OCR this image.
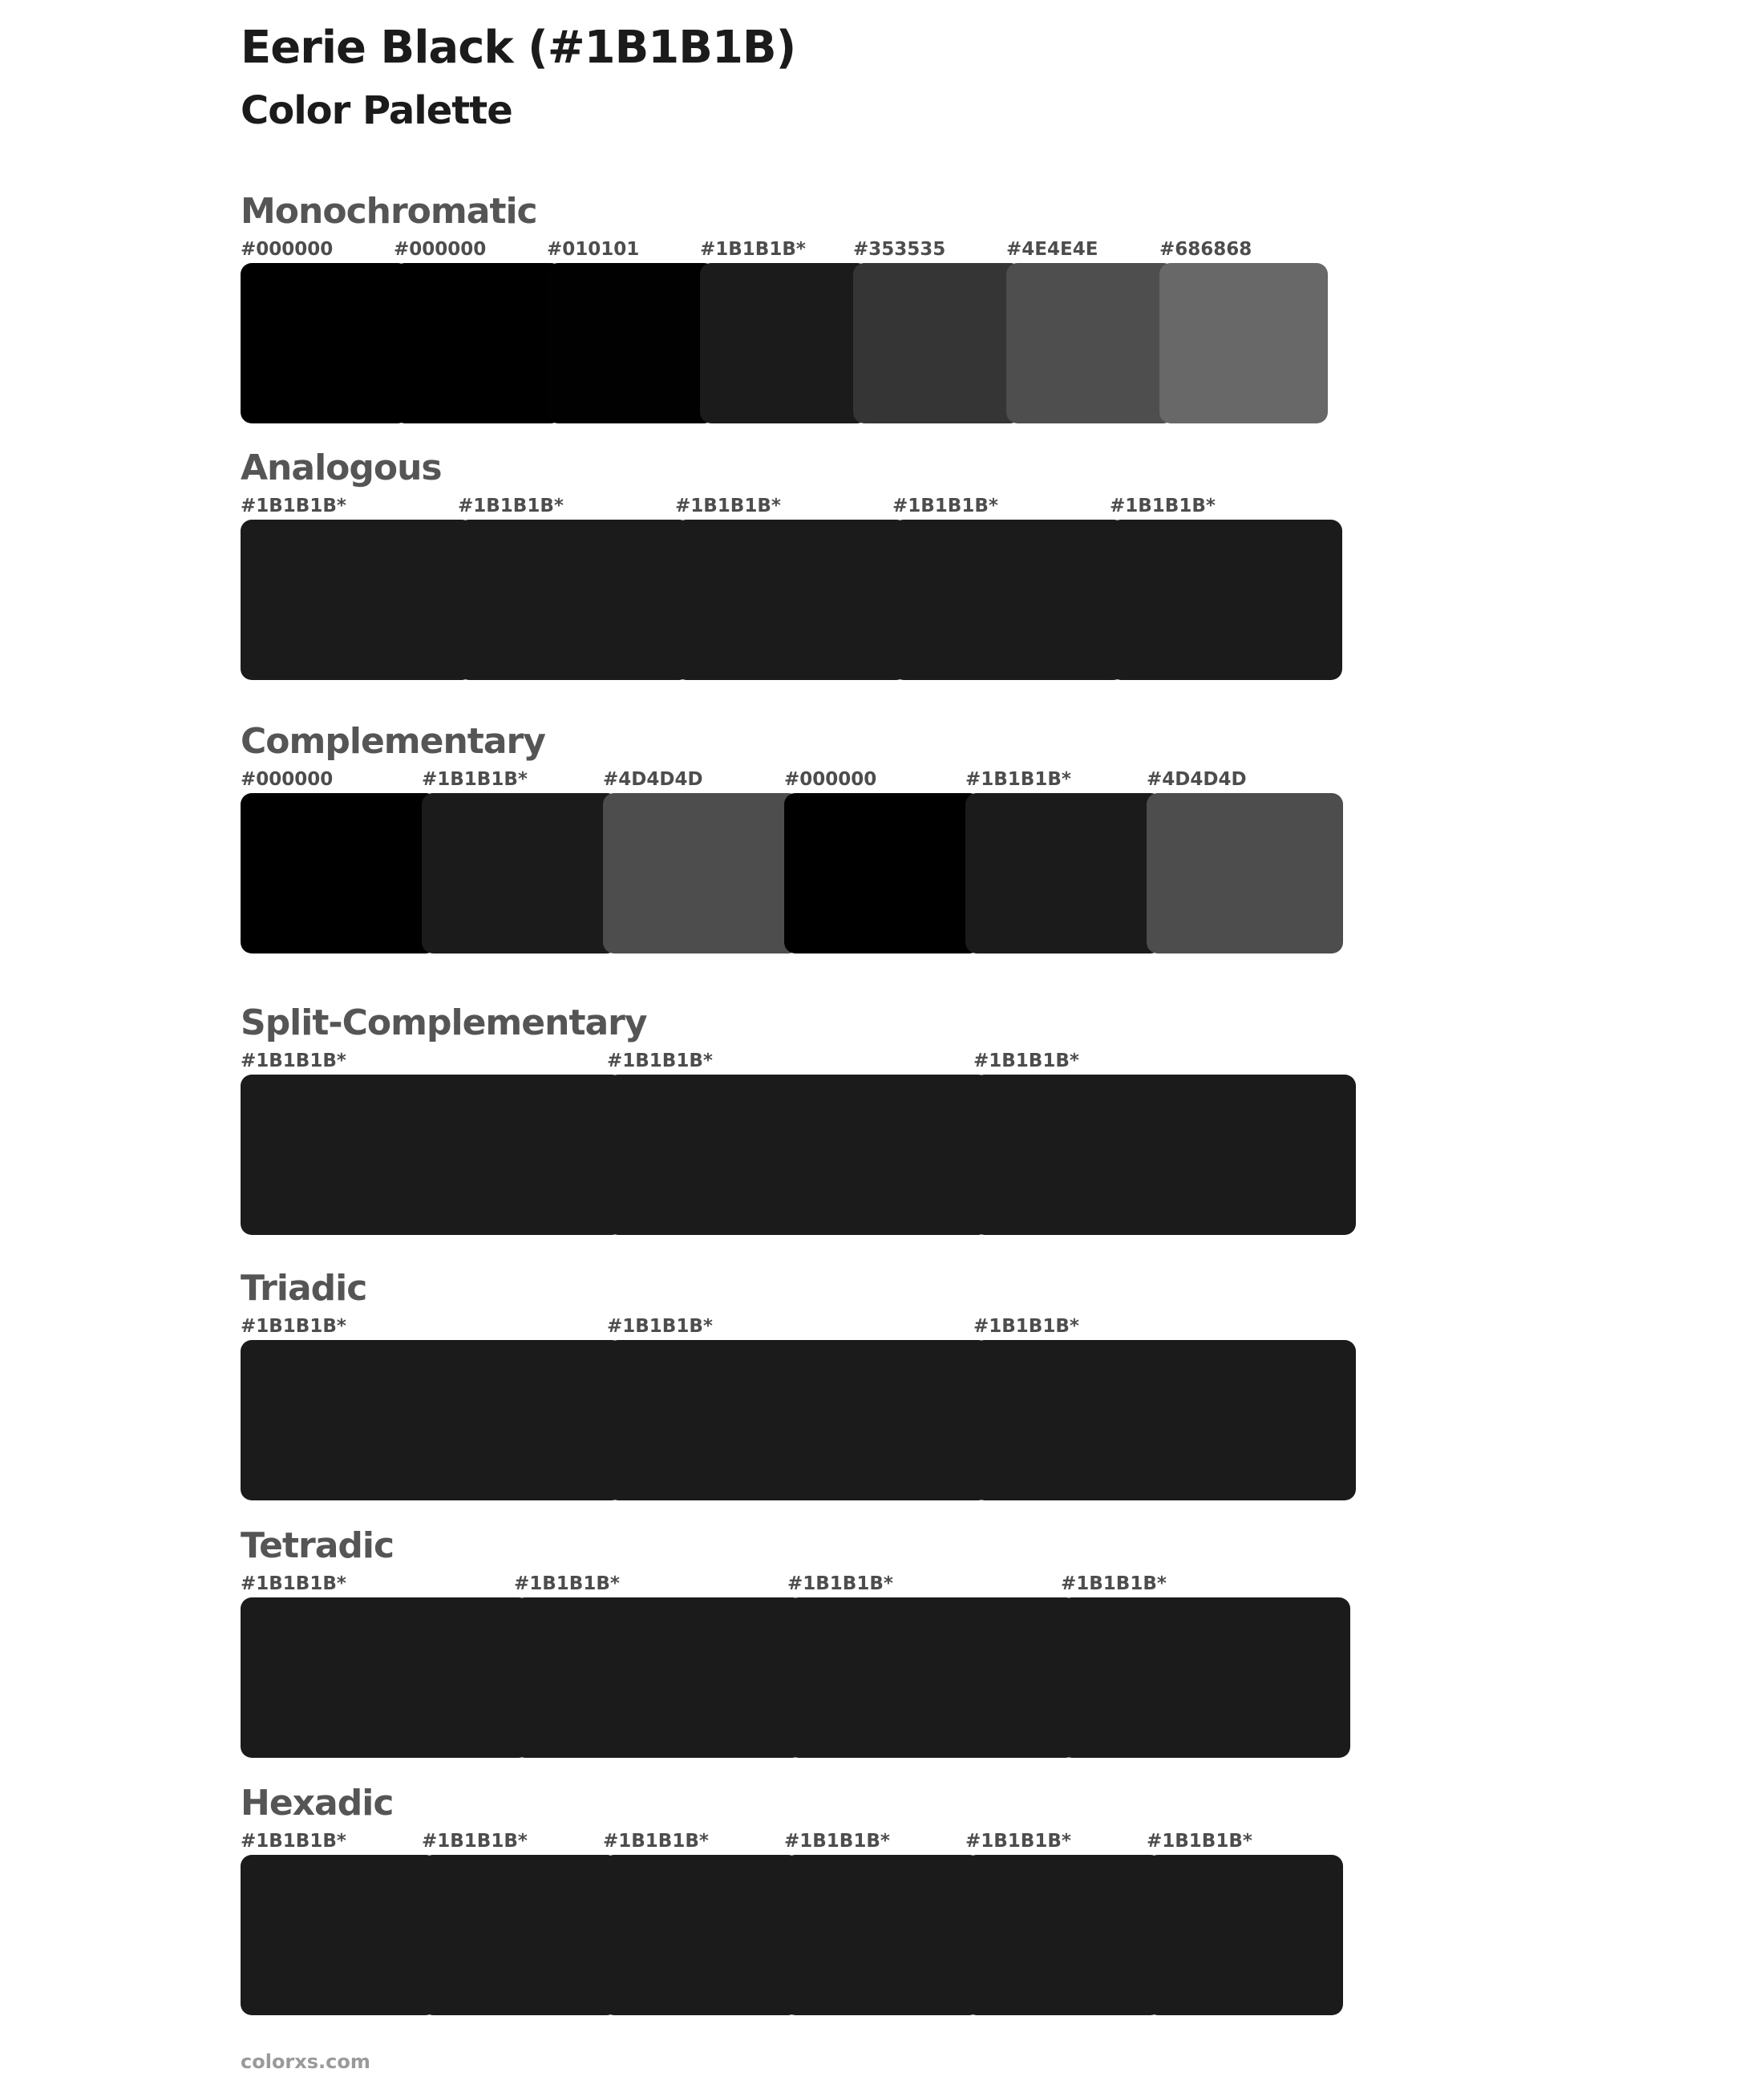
Eerie Black (#1B1B1B)
Color Palette
Monochromatic
#000000	#000000	#010101	#1B1B1B*	#353535	#4E4E4E	#686868
Analogous
#1B1B1B*	#1B1B1B*	#1B1B1B*	#1B1B1B*	#1B1B1B*
Complementary
#000000	#1B1B1B*	#4D4D4D	#000000	#1B1B1B*	#4D4D4D
Split-Complementary
#1B1B1B*	#1B1B1B*	#1B1B1B*
Triadic
#1B1B1B*	#1B1B1B*	#1B1B1B*
Tetradic
#1B1B1B*	#1B1B1B*	#1B1B1B*	#1B1B1B*
Hexadic
#1B1B1B*	#1B1B1B*	#1B1B1B*	#1B1B1B*	#1B1B1B*	#1B1B1B*
colorxs.com
